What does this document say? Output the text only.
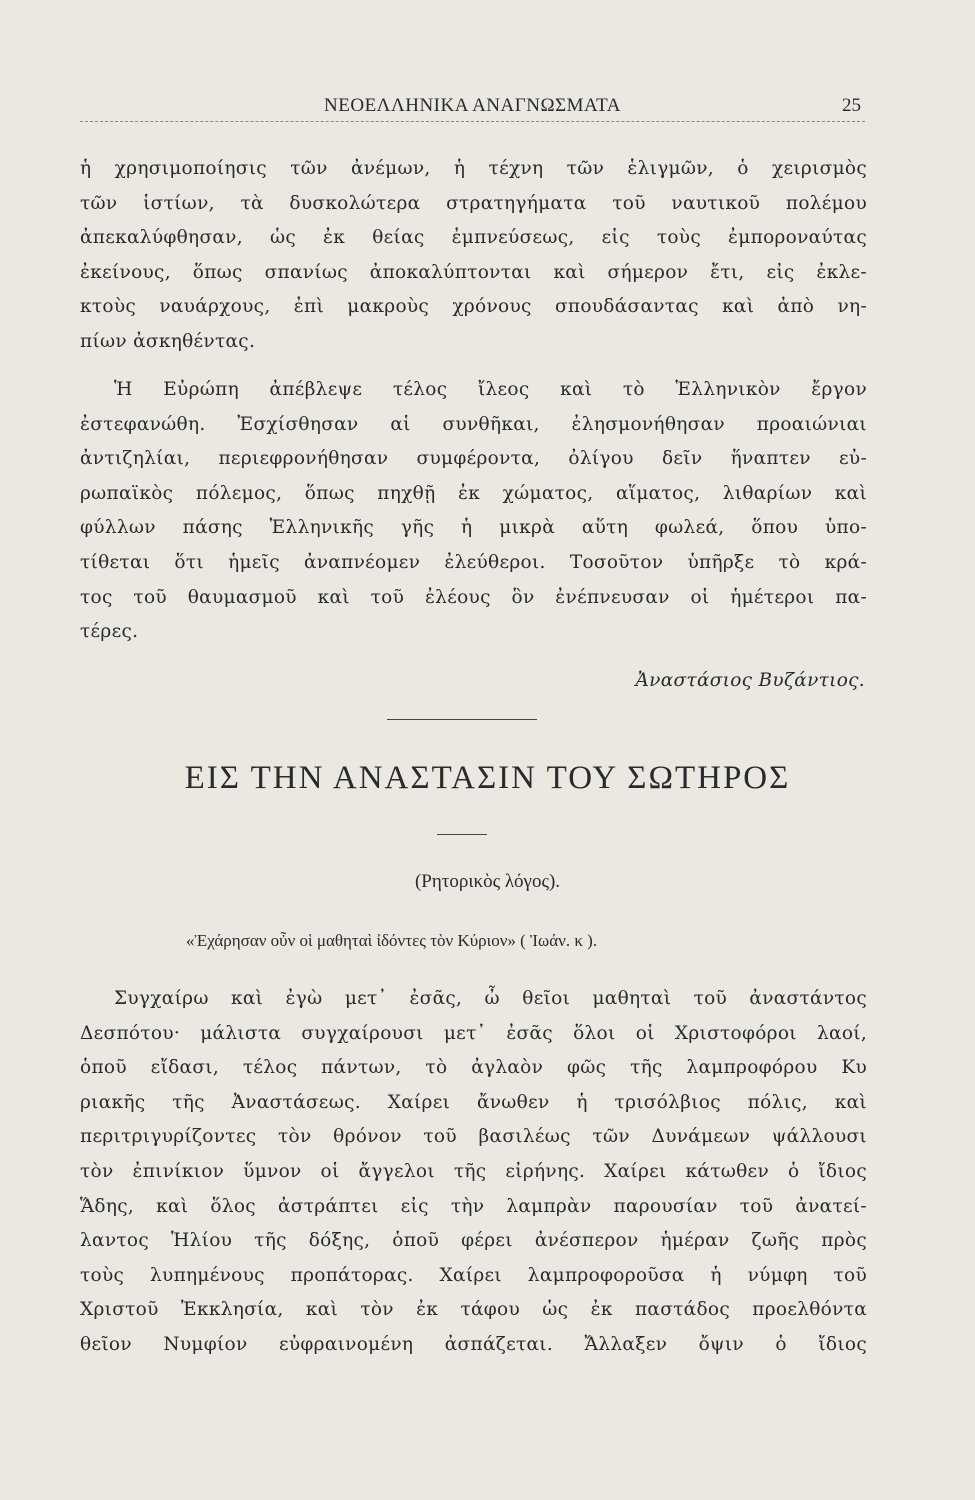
ΝΕΟΕΛΛΗΝΙΚΑ ΑΝΑΓΝΩΣΜΑΤΑ	25
ἡ χρησιμοποίησις τῶν ἀνέμων, ἡ τέχνη τῶν ἑλιγμῶν, ὁ χειρισμὸς
τῶν ἱστίων, τὰ δυσκολώτερα στρατηγήματα τοῦ ναυτικοῦ πολέμου
ἀπεκαλύφθησαν, ὡς ἐκ θείας ἐμπνεύσεως, εἰς τοὺς ἐμποροναύτας
ἐκείνους, ὅπως σπανίως ἀποκαλύπτονται καὶ σήμερον ἔτι, εἰς ἐκλε-
κτοὺς ναυάρχους, ἐπὶ μακροὺς χρόνους σπουδάσαντας καὶ ἀπὸ νη-
πίων ἀσκηθέντας.
Ἡ Εὐρώπη ἀπέβλεψε τέλος ἴλεος καὶ τὸ Ἑλληνικὸν ἔργον
ἐστεφανώθη. Ἐσχίσθησαν αἱ συνθῆκαι, ἐλησμονήθησαν προαιώνιαι
ἀντιζηλίαι, περιεφρονήθησαν συμφέροντα, ὀλίγου δεῖν ἥναπτεν εὐ-
ρωπαϊκὸς πόλεμος, ὅπως πηχθῇ ἐκ χώματος, αἵματος, λιθαρίων καὶ
φύλλων πάσης Ἑλληνικῆς γῆς ἡ μικρὰ αὕτη φωλεά, ὅπου ὑπο-
τίθεται ὅτι ἡμεῖς ἀναπνέομεν ἐλεύθεροι. Τοσοῦτον ὑπῆρξε τὸ κρά-
τος τοῦ θαυμασμοῦ καὶ τοῦ ἐλέους ὃν ἐνέπνευσαν οἱ ἡμέτεροι πα-
τέρες.
Ἀναστάσιος Βυζάντιος.
ΕΙΣ ΤΗΝ ΑΝΑΣΤΑΣΙΝ ΤΟΥ ΣΩΤΗΡΟΣ
(Ρητορικὸς λόγος).
«Ἐχάρησαν οὖν οἱ μαθηταὶ ἰδόντες τὸν Κύριον» ( Ἰωάν. κ ).
Συγχαίρω καὶ ἐγὼ μετ᾽ ἐσᾶς, ὦ θεῖοι μαθηταὶ τοῦ ἀναστάντος
Δεσπότου· μάλιστα συγχαίρουσι μετ᾽ ἐσᾶς ὅλοι οἱ Χριστοφόροι λαοί,
ὁποῦ εἴδασι, τέλος πάντων, τὸ ἀγλαὸν φῶς τῆς λαμπροφόρου Κυ
ριακῆς τῆς Ἀναστάσεως. Χαίρει ἄνωθεν ἡ τρισόλβιος πόλις, καὶ
περιτριγυρίζοντες τὸν θρόνον τοῦ βασιλέως τῶν Δυνάμεων ψάλλουσι
τὸν ἐπινίκιον ὕμνον οἱ ἄγγελοι τῆς εἰρήνης. Χαίρει κάτωθεν ὁ ἴδιος
Ἅδης, καὶ ὅλος ἀστράπτει εἰς τὴν λαμπρὰν παρουσίαν τοῦ ἀνατεί-
λαντος Ἡλίου τῆς δόξης, ὁποῦ φέρει ἀνέσπερον ἡμέραν ζωῆς πρὸς
τοὺς λυπημένους προπάτορας. Χαίρει λαμπροφοροῦσα ἡ νύμφη τοῦ
Χριστοῦ Ἐκκλησία, καὶ τὸν ἐκ τάφου ὡς ἐκ παστάδος προελθόντα
θεῖον Νυμφίον εὐφραινομένη ἀσπάζεται. Ἄλλαξεν ὄψιν ὁ ἴδιος
